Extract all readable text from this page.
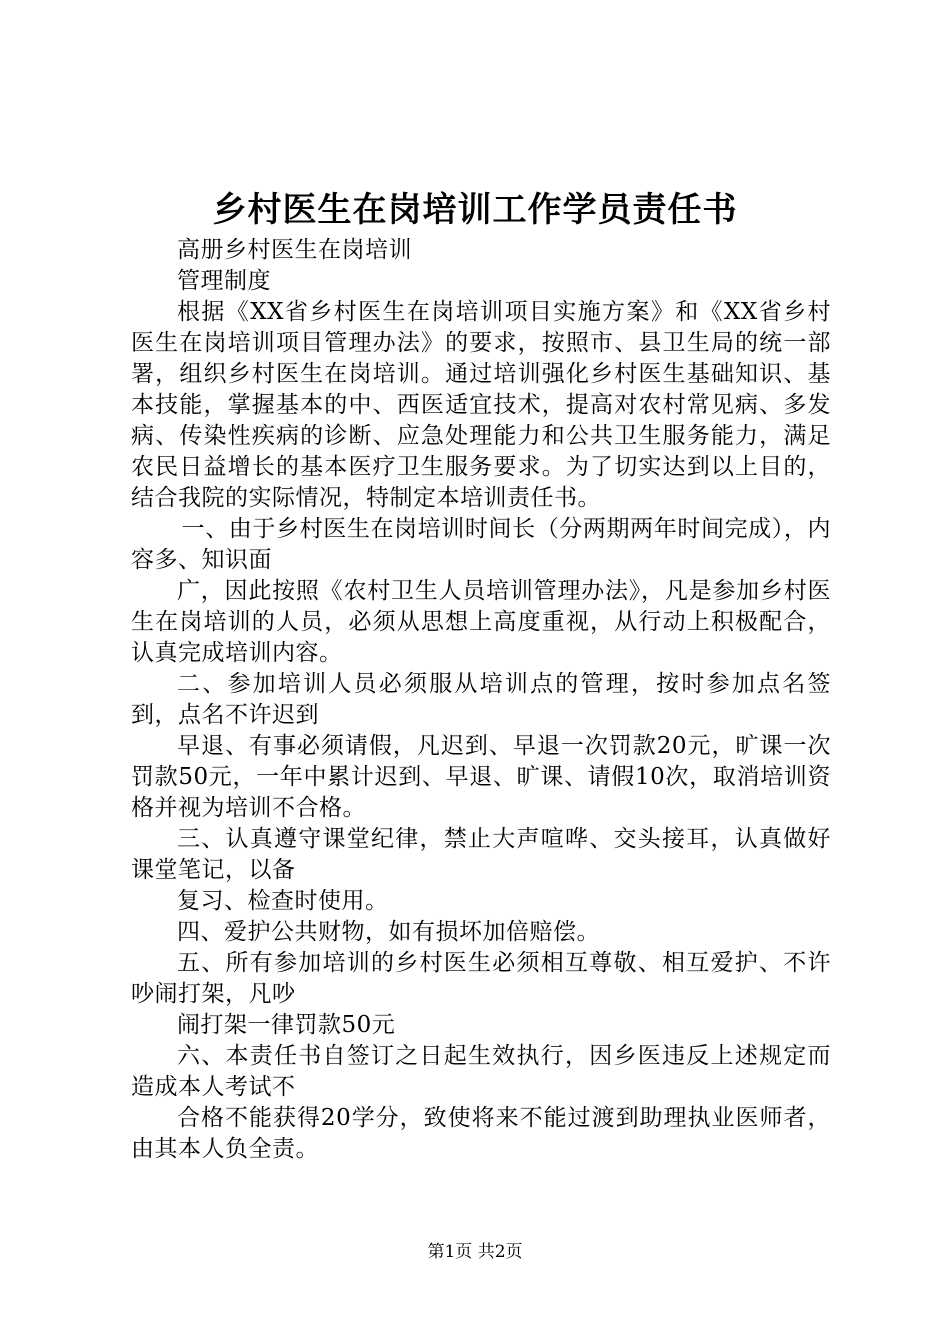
乡村医生在岗培训工作学员责任书

高册乡村医生在岗培训

管理制度

根据《XX省乡村医生在岗培训项目实施方案》和《XX省乡村医生在岗培训项目管理办法》的要求，按照市、县卫生局的统一部署，组织乡村医生在岗培训。通过培训强化乡村医生基础知识、基本技能，掌握基本的中、西医适宜技术，提高对农村常见病、多发病、传染性疾病的诊断、应急处理能力和公共卫生服务能力，满足农民日益增长的基本医疗卫生服务要求。为了切实达到以上目的，结合我院的实际情况，特制定本培训责任书。

一、由于乡村医生在岗培训时间长（分两期两年时间完成），内容多、知识面

广，因此按照《农村卫生人员培训管理办法》，凡是参加乡村医生在岗培训的人员，必须从思想上高度重视，从行动上积极配合，认真完成培训内容。

二、参加培训人员必须服从培训点的管理，按时参加点名签到，点名不许迟到

早退、有事必须请假，凡迟到、早退一次罚款20元，旷课一次罚款50元，一年中累计迟到、早退、旷课、请假10次，取消培训资格并视为培训不合格。

三、认真遵守课堂纪律，禁止大声喧哗、交头接耳，认真做好课堂笔记，以备

复习、检查时使用。

四、爱护公共财物，如有损坏加倍赔偿。

五、所有参加培训的乡村医生必须相互尊敬、相互爱护、不许吵闹打架，凡吵

闹打架一律罚款50元

六、本责任书自签订之日起生效执行，因乡医违反上述规定而造成本人考试不

合格不能获得20学分，致使将来不能过渡到助理执业医师者，由其本人负全责。

第1页 共2页
